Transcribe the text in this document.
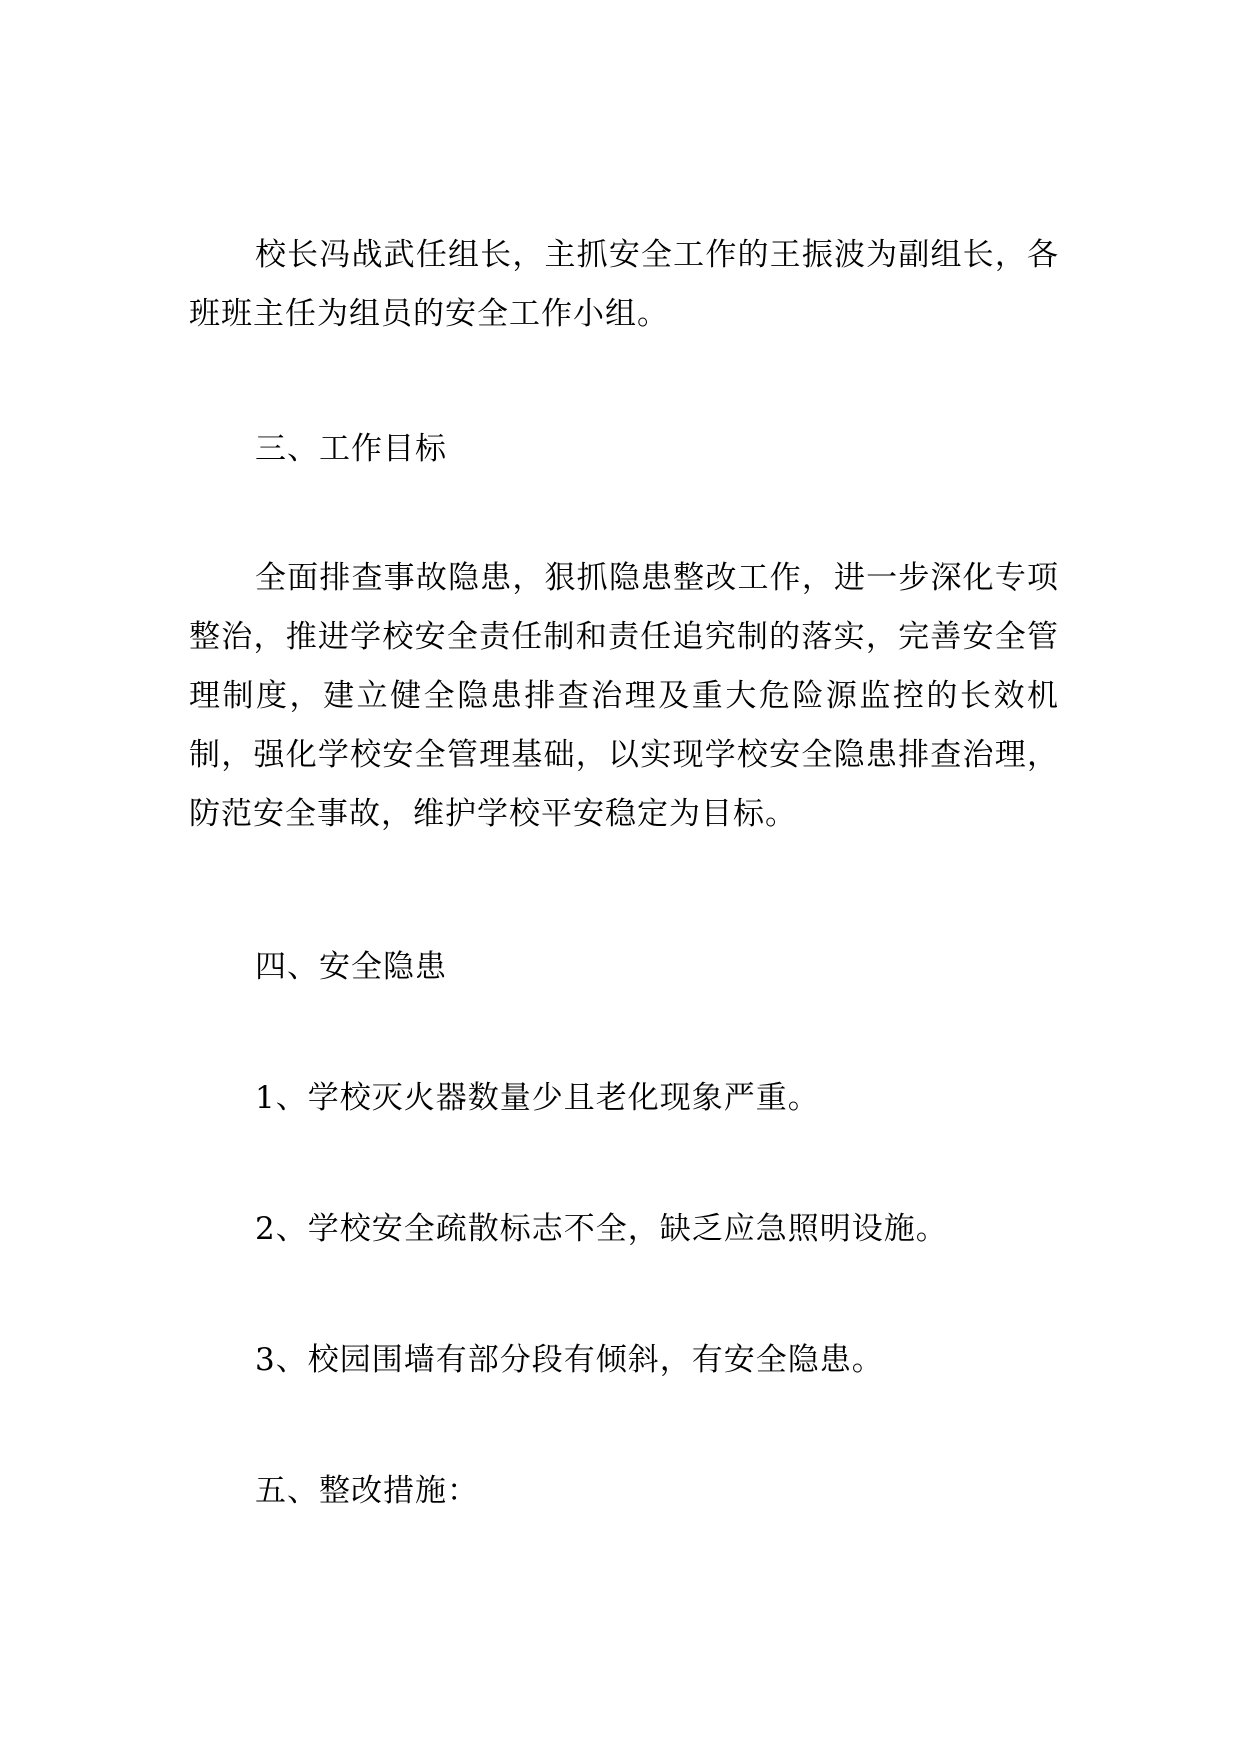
校长冯战武任组长，主抓安全工作的王振波为副组长，各班班主任为组员的安全工作小组。

三、工作目标

全面排查事故隐患，狠抓隐患整改工作，进一步深化专项整治，推进学校安全责任制和责任追究制的落实，完善安全管理制度，建立健全隐患排查治理及重大危险源监控的长效机制，强化学校安全管理基础，以实现学校安全隐患排查治理，防范安全事故，维护学校平安稳定为目标。

四、安全隐患

1、学校灭火器数量少且老化现象严重。

2、学校安全疏散标志不全，缺乏应急照明设施。

3、校园围墙有部分段有倾斜，有安全隐患。

五、整改措施：
